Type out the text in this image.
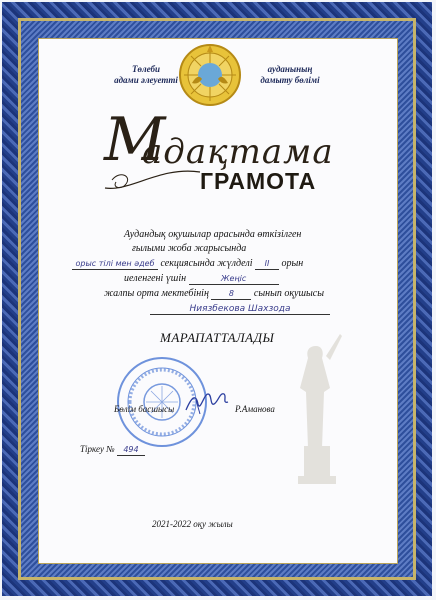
Төлеби
адами әлеуетті
ауданының
дамыту бөлімі
М
адақтама
ГРАМОТА
Аудандық оқушылар арасында өткізілген
ғылыми жоба жарысында
орыс тілі мен әдеб секциясында жүлделі II орын
иеленгені үшін	Жеңіс
жалпы орта мектебінің 8 сынып оқушысы
Ниязбекова Шахзода
МАРАПАТТАЛАДЫ
Бөлім басшысы	Р.Аманова
Тіркеу № 494
2021-2022 оқу жылы
